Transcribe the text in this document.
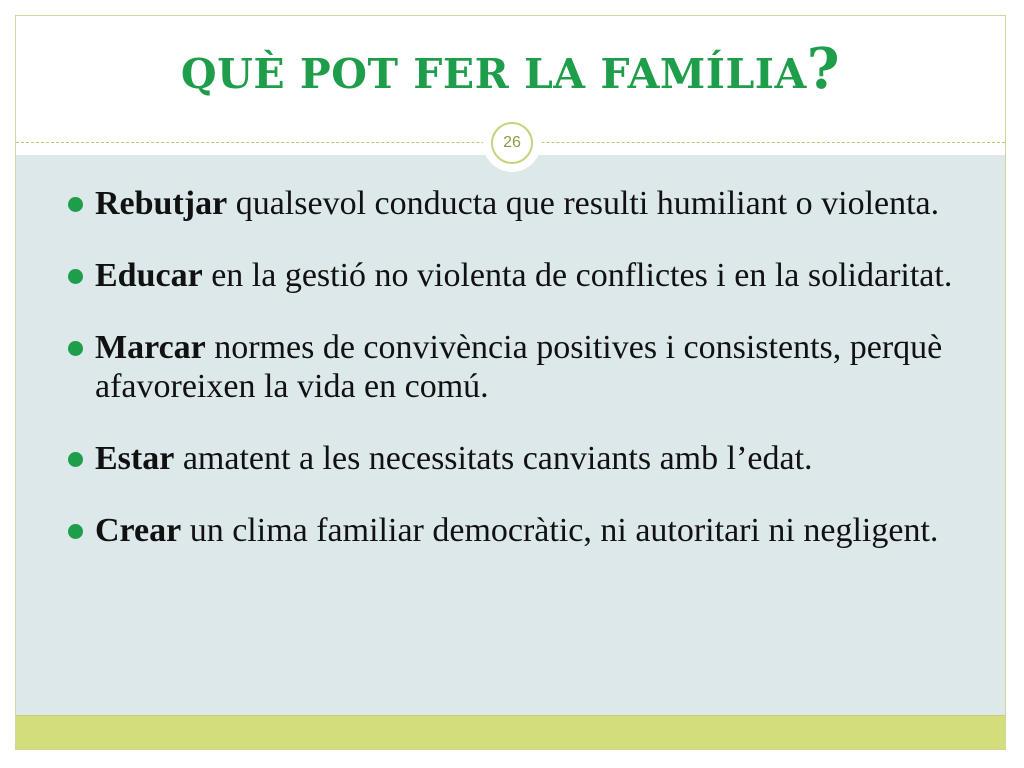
QUÈ POT FER LA FAMÍLIA?
26
Rebutjar qualsevol conducta que resulti humiliant o violenta.
Educar en la gestió no violenta de conflictes i en la solidaritat.
Marcar normes de convivència positives i consistents, perquè afavoreixen la vida en comú.
Estar amatent a les necessitats canviants amb l’edat.
Crear un clima familiar democràtic, ni autoritari ni negligent.
